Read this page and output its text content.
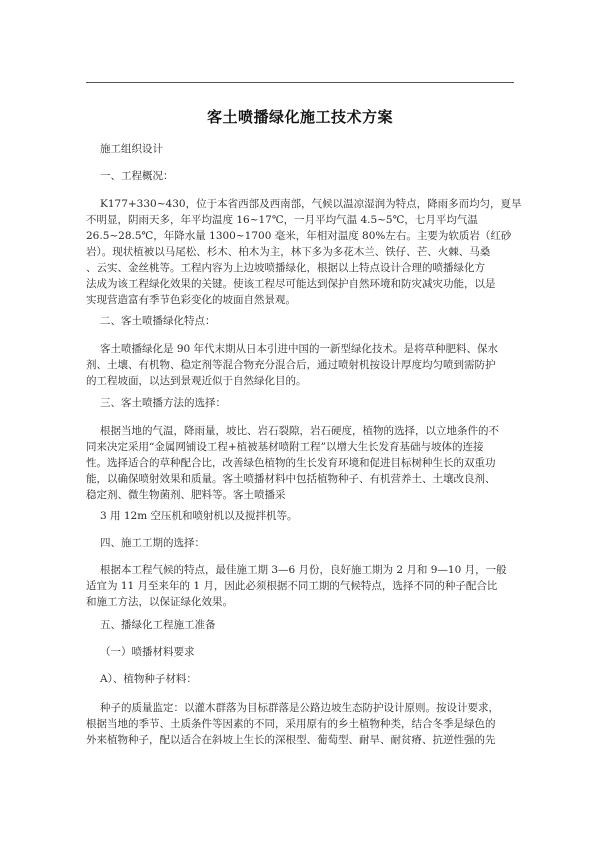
客土喷播绿化施工技术方案
施工组织设计
一、工程概况：
K177+330~430，位于本省西部及西南部，气候以温凉湿润为特点，降雨多而均匀，夏旱
不明显，阴雨天多，年平均温度 16~17℃，一月平均气温 4.5~5℃，七月平均气温
26.5~28.5℃，年降水量 1300~1700 毫米，年相对温度 80%左右。主要为软质岩（红砂
岩）。现状植被以马尾松、杉木、柏木为主，林下多为多花木兰、铁仔、芒、火棘、马桑
、云实、金丝桃等。工程内容为上边坡喷播绿化，根据以上特点设计合理的喷播绿化方
法成为该工程绿化效果的关键。使该工程尽可能达到保护自然环境和防灾减灾功能，以是
实现营造富有季节色彩变化的坡面自然景观。
二、客土喷播绿化特点：
客土喷播绿化是 90 年代末期从日本引进中国的一新型绿化技术。是将草种肥料、保水
剂、土壤、有机物、稳定剂等混合物充分混合后，通过喷射机按设计厚度均匀喷到需防护
的工程坡面，以达到景观近似于自然绿化目的。
三、客土喷播方法的选择：
根据当地的气温，降雨量，坡比、岩石裂隙，岩石硬度，植物的选择，以立地条件的不
同来决定采用“金属网铺设工程+植被基材喷附工程”以增大生长发育基础与坡体的连接
性。选择适合的草种配合比，改善绿色植物的生长发育环境和促进目标树种生长的双重功
能，以确保喷射效果和质量。客土喷播材料中包括植物种子、有机营养土、土壤改良剂、
稳定剂、微生物菌剂、肥料等。客土喷播采
3 用 12m 空压机和喷射机以及搅拌机等。
四、施工工期的选择：
根据本工程气候的特点，最佳施工期 3—6 月份，良好施工期为 2 月和 9—10 月，一般
适宜为 11 月至来年的 1 月，因此必须根据不同工期的气候特点，选择不同的种子配合比
和施工方法，以保证绿化效果。
五、播绿化工程施工准备
（一）喷播材料要求
A）、植物种子材料：
种子的质量监定：以灌木群落为目标群落是公路边坡生态防护设计原则。按设计要求，
根据当地的季节、土质条件等因素的不同，采用原有的乡土植物种类，结合冬季是绿色的
外来植物种子，配以适合在斜坡上生长的深根型、葡萄型、耐旱、耐贫瘠、抗逆性强的先
